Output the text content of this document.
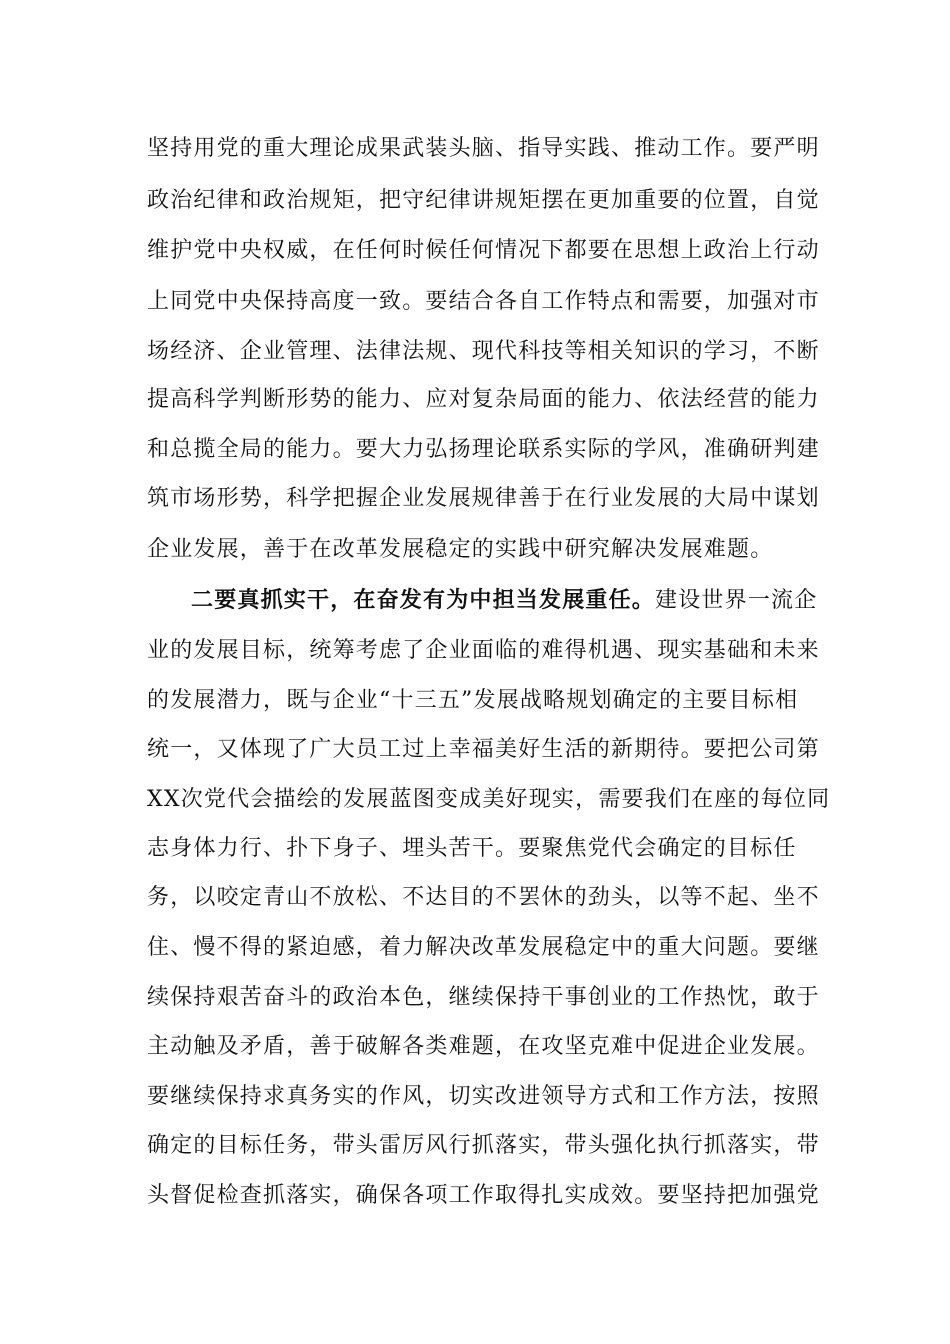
坚持用党的重大理论成果武装头脑、指导实践、推动工作。要严明
政治纪律和政治规矩，把守纪律讲规矩摆在更加重要的位置，自觉
维护党中央权威，在任何时候任何情况下都要在思想上政治上行动
上同党中央保持高度一致。要结合各自工作特点和需要，加强对市
场经济、企业管理、法律法规、现代科技等相关知识的学习，不断
提高科学判断形势的能力、应对复杂局面的能力、依法经营的能力
和总揽全局的能力。要大力弘扬理论联系实际的学风，准确研判建
筑市场形势，科学把握企业发展规律善于在行业发展的大局中谋划
企业发展，善于在改革发展稳定的实践中研究解决发展难题。
二要真抓实干，在奋发有为中担当发展重任。建设世界一流企
业的发展目标，统筹考虑了企业面临的难得机遇、现实基础和未来
的发展潜力，既与企业“十三五”发展战略规划确定的主要目标相
统一，又体现了广大员工过上幸福美好生活的新期待。要把公司第
XX次党代会描绘的发展蓝图变成美好现实，需要我们在座的每位同
志身体力行、扑下身子、埋头苦干。要聚焦党代会确定的目标任
务，以咬定青山不放松、不达目的不罢休的劲头，以等不起、坐不
住、慢不得的紧迫感，着力解决改革发展稳定中的重大问题。要继
续保持艰苦奋斗的政治本色，继续保持干事创业的工作热忱，敢于
主动触及矛盾，善于破解各类难题，在攻坚克难中促进企业发展。
要继续保持求真务实的作风，切实改进领导方式和工作方法，按照
确定的目标任务，带头雷厉风行抓落实，带头强化执行抓落实，带
头督促检查抓落实，确保各项工作取得扎实成效。要坚持把加强党
